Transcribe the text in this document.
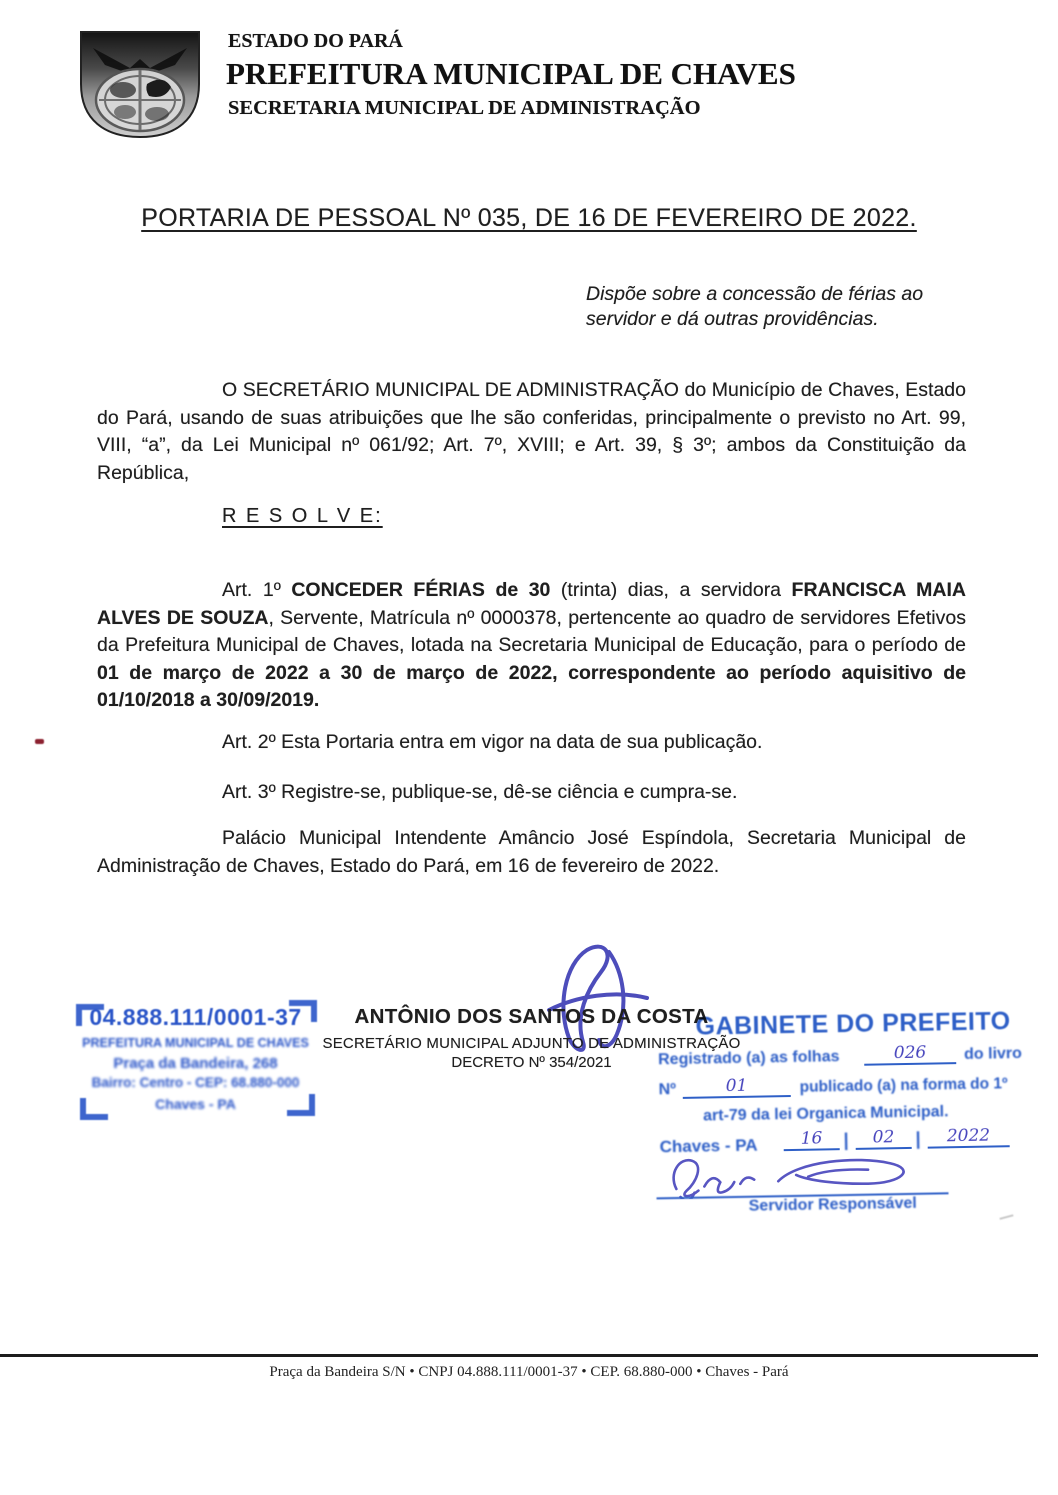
ESTADO DO PARÁ
PREFEITURA MUNICIPAL DE CHAVES
SECRETARIA MUNICIPAL DE ADMINISTRAÇÃO
PORTARIA DE PESSOAL Nº 035, DE 16 DE FEVEREIRO DE 2022.
Dispõe sobre a concessão de férias ao servidor e dá outras providências.
O SECRETÁRIO MUNICIPAL DE ADMINISTRAÇÃO do Município de Chaves, Estado do Pará, usando de suas atribuições que lhe são conferidas, principalmente o previsto no Art. 99, VIII, “a”, da Lei Municipal nº 061/92; Art. 7º, XVIII; e Art. 39, § 3º; ambos da Constituição da República,
R E S O L V E:
Art. 1º CONCEDER FÉRIAS de 30 (trinta) dias, a servidora FRANCISCA MAIA ALVES DE SOUZA, Servente, Matrícula nº 0000378, pertencente ao quadro de servidores Efetivos da Prefeitura Municipal de Chaves, lotada na Secretaria Municipal de Educação, para o período de 01 de março de 2022 a 30 de março de 2022, correspondente ao período aquisitivo de 01/10/2018 a 30/09/2019.
Art. 2º Esta Portaria entra em vigor na data de sua publicação.
Art. 3º Registre-se, publique-se, dê-se ciência e cumpra-se.
Palácio Municipal Intendente Amâncio José Espíndola, Secretaria Municipal de Administração de Chaves, Estado do Pará, em 16 de fevereiro de 2022.
ANTÔNIO DOS SANTOS DA COSTA
SECRETÁRIO MUNICIPAL ADJUNTO DE ADMINISTRAÇÃO
DECRETO Nº 354/2021
04.888.111/0001-37
PREFEITURA MUNICIPAL DE CHAVES
Praça da Bandeira, 268
Bairro: Centro - CEP: 68.880-000
Chaves - PA
GABINETE DO PREFEITO
Registrado (a) as folhas	026	do livro
Nº	01	publicado (a) na forma do 1º
art-79 da lei Organica Municipal.
Chaves - PA	16	|	02	|	2022
Servidor Responsável
Praça da Bandeira S/N • CNPJ 04.888.111/0001-37 • CEP. 68.880-000 • Chaves - Pará
